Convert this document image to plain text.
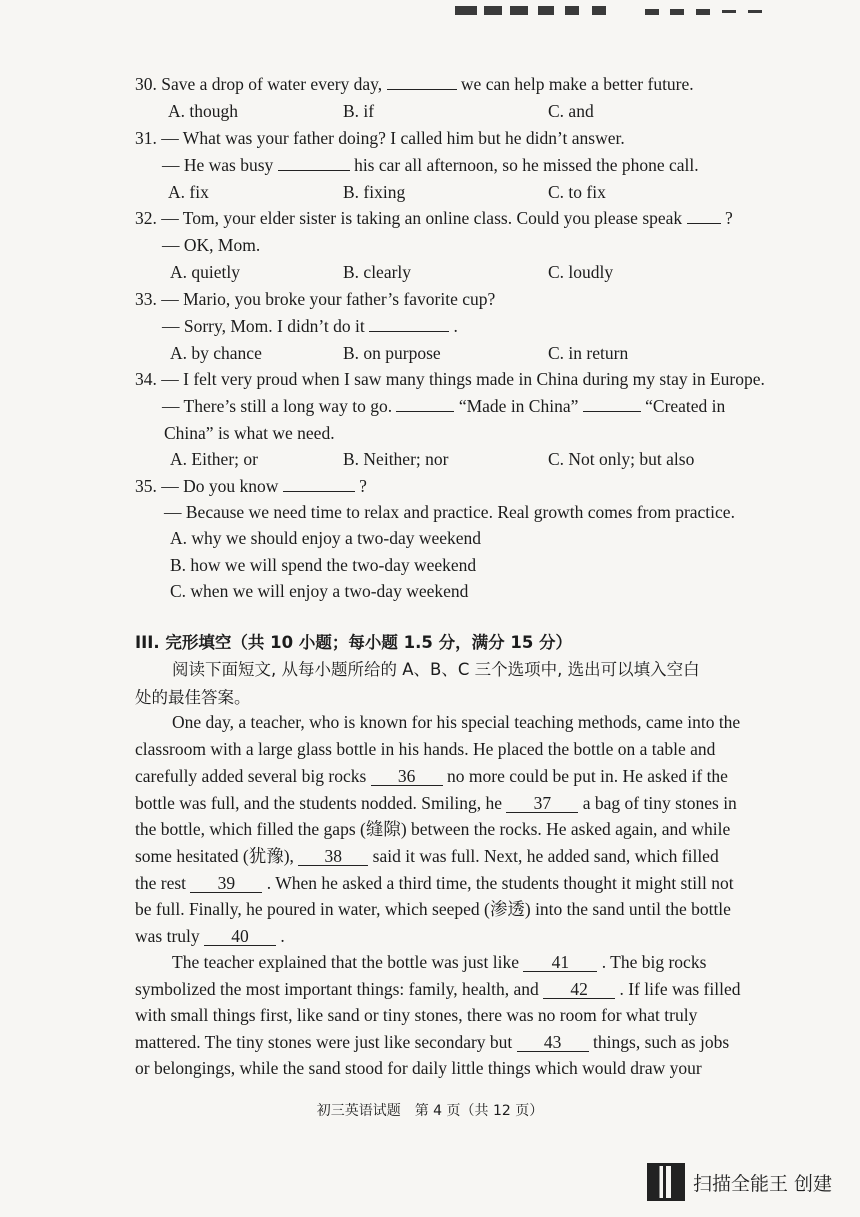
30. Save a drop of water every day,	we can help make a better future.
A. though	B. if	C. and
31. — What was your father doing? I called him but he didn’t answer.
— He was busy	his car all afternoon, so he missed the phone call.
A. fix	B. fixing	C. to fix
32. — Tom, your elder sister is taking an online class. Could you please speak ?
— OK, Mom.
A. quietly	B. clearly	C. loudly
33. — Mario, you broke your father’s favorite cup?
— Sorry, Mom. I didn’t do it	.
A. by chance	B. on purpose	C. in return
34. — I felt very proud when I saw many things made in China during my stay in Europe.
— There’s still a long way to go.	“Made in China”	“Created in
China” is what we need.
A. Either; or	B. Neither; nor	C. Not only; but also
35. — Do you know	?
— Because we need time to relax and practice. Real growth comes from practice.
A. why we should enjoy a two-day weekend
B. how we will spend the two-day weekend
C. when we will enjoy a two-day weekend
III. 完形填空（共 10 小题；每小题 1.5 分，满分 15 分）
阅读下面短文, 从每小题所给的 A、B、C 三个选项中, 选出可以填入空白
处的最佳答案。
One day, a teacher, who is known for his special teaching methods, came into the
classroom with a large glass bottle in his hands. He placed the bottle on a table and
carefully added several big rocks 36 no more could be put in. He asked if the
bottle was full, and the students nodded. Smiling, he 37 a bag of tiny stones in
the bottle, which filled the gaps (缝隙) between the rocks. He asked again, and while
some hesitated (犹豫), 38 said it was full. Next, he added sand, which filled
the rest 39 . When he asked a third time, the students thought it might still not
be full. Finally, he poured in water, which seeped (渗透) into the sand until the bottle
was truly 40 .
The teacher explained that the bottle was just like 41 . The big rocks
symbolized the most important things: family, health, and 42 . If life was filled
with small things first, like sand or tiny stones, there was no room for what truly
mattered. The tiny stones were just like secondary but 43 things, such as jobs
or belongings, while the sand stood for daily little things which would draw your
初三英语试题　第 4 页（共 12 页）
扫描全能王 创建
